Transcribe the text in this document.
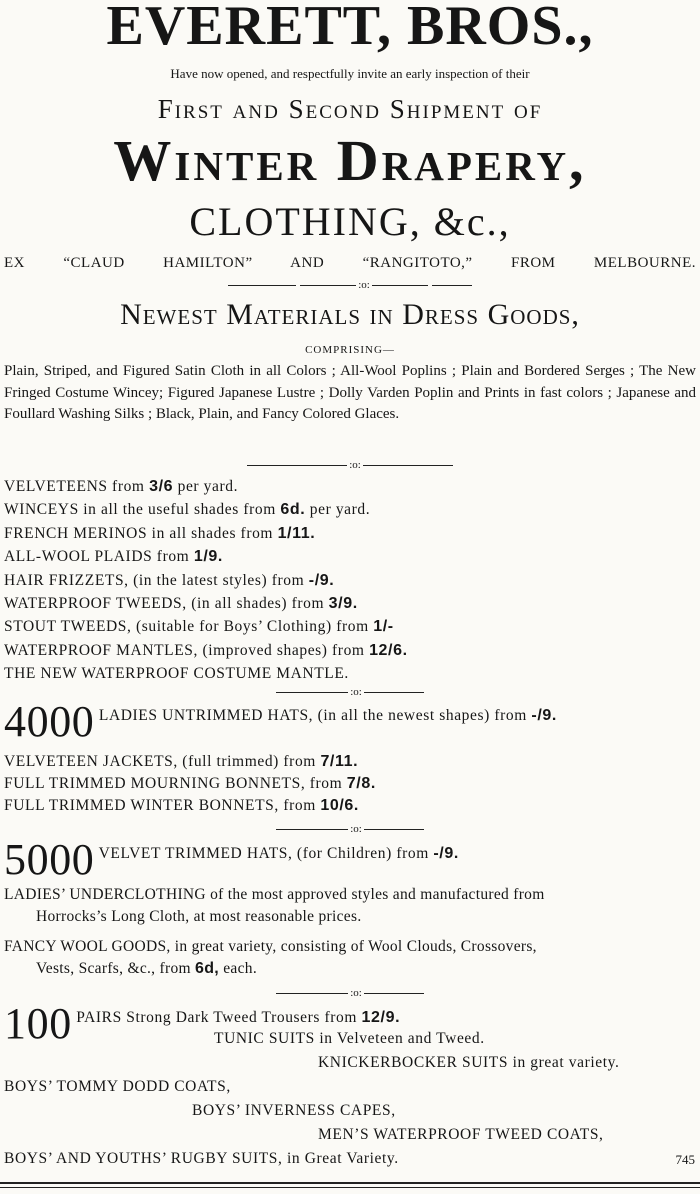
EVERETT, BROS.,
Have now opened, and respectfully invite an early inspection of their
First and Second Shipment of
Winter Drapery,
CLOTHING, &c.,
EX “CLAUD HAMILTON” AND “RANGITOTO,” FROM MELBOURNE.
:o:
Newest Materials in Dress Goods,
COMPRISING—
Plain, Striped, and Figured Satin Cloth in all Colors ; All-Wool Poplins ; Plain and Bordered Serges ; The New Fringed Costume Wincey; Figured Japanese Lustre ; Dolly Varden Poplin and Prints in fast colors ; Japanese and Foullard Washing Silks ; Black, Plain, and Fancy Colored Glaces.
:o:
VELVETEENS from 3/6 per yard.
WINCEYS in all the useful shades from 6d. per yard.
FRENCH MERINOS in all shades from 1/11.
ALL-WOOL PLAIDS from 1/9.
HAIR FRIZZETS, (in the latest styles) from -/9.
WATERPROOF TWEEDS, (in all shades) from 3/9.
STOUT TWEEDS, (suitable for Boys’ Clothing) from 1/-
WATERPROOF MANTLES, (improved shapes) from 12/6.
THE NEW WATERPROOF COSTUME MANTLE.
:o:
4000 LADIES UNTRIMMED HATS, (in all the newest shapes) from -/9.
VELVETEEN JACKETS, (full trimmed) from 7/11.
FULL TRIMMED MOURNING BONNETS, from 7/8.
FULL TRIMMED WINTER BONNETS, from 10/6.
:o:
5000 VELVET TRIMMED HATS, (for Children) from -/9.
LADIES’ UNDERCLOTHING of the most approved styles and manufactured from
Horrocks’s Long Cloth, at most reasonable prices.
FANCY WOOL GOODS, in great variety, consisting of Wool Clouds, Crossovers,
Vests, Scarfs, &c., from 6d, each.
:o:
100 PAIRS Strong Dark Tweed Trousers from 12/9.
TUNIC SUITS in Velveteen and Tweed.
KNICKERBOCKER SUITS in great variety.
BOYS’ TOMMY DODD COATS,
BOYS’ INVERNESS CAPES,
MEN’S WATERPROOF TWEED COATS,
BOYS’ AND YOUTHS’ RUGBY SUITS, in Great Variety.	745
